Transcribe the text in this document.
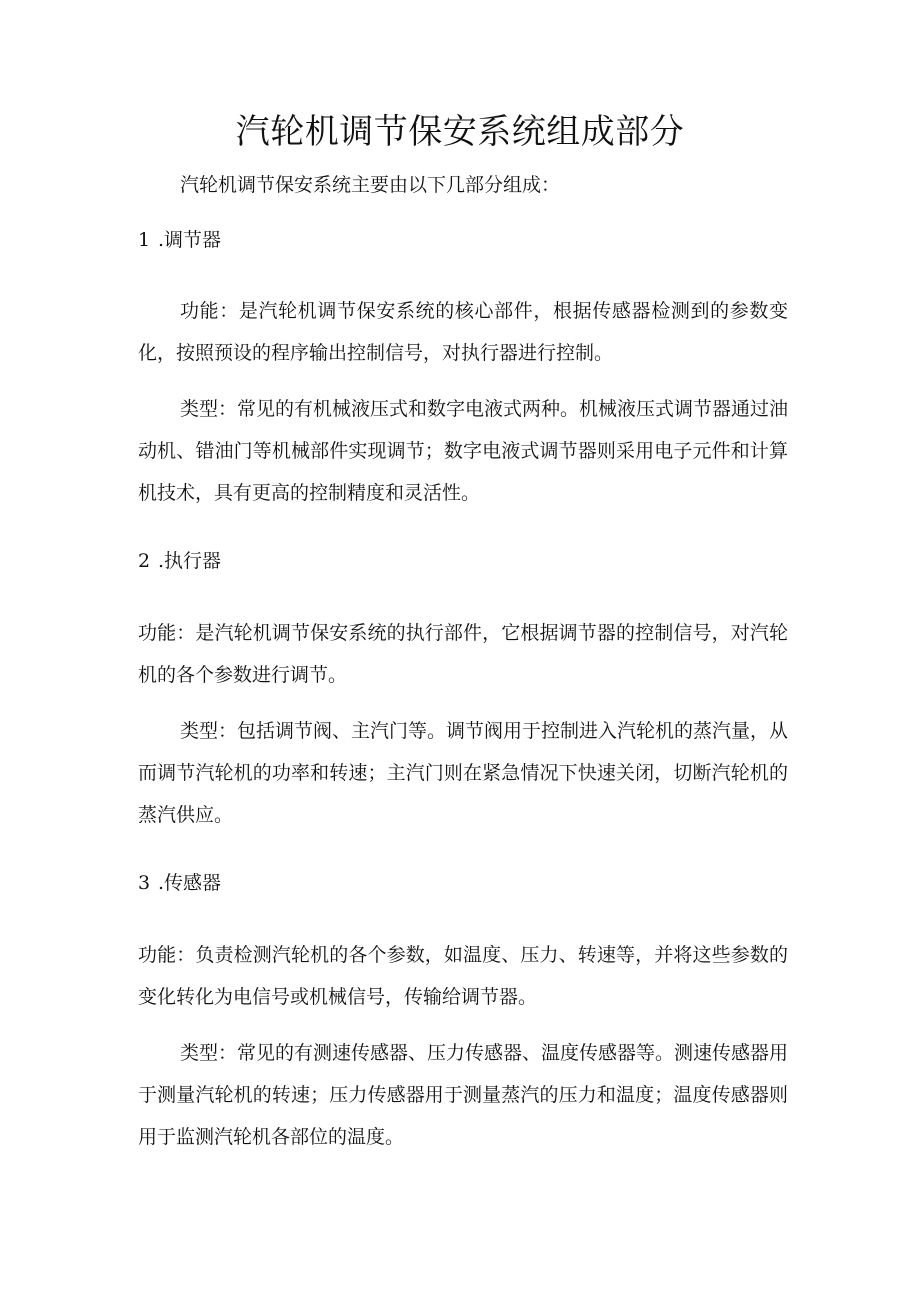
汽轮机调节保安系统组成部分

汽轮机调节保安系统主要由以下几部分组成：

1 .调节器

功能：是汽轮机调节保安系统的核心部件，根据传感器检测到的参数变化，按照预设的程序输出控制信号，对执行器进行控制。

类型：常见的有机械液压式和数字电液式两种。机械液压式调节器通过油动机、错油门等机械部件实现调节；数字电液式调节器则采用电子元件和计算机技术，具有更高的控制精度和灵活性。

2 .执行器

功能：是汽轮机调节保安系统的执行部件，它根据调节器的控制信号，对汽轮机的各个参数进行调节。

类型：包括调节阀、主汽门等。调节阀用于控制进入汽轮机的蒸汽量，从而调节汽轮机的功率和转速；主汽门则在紧急情况下快速关闭，切断汽轮机的蒸汽供应。

3 .传感器

功能：负责检测汽轮机的各个参数，如温度、压力、转速等，并将这些参数的变化转化为电信号或机械信号，传输给调节器。

类型：常见的有测速传感器、压力传感器、温度传感器等。测速传感器用于测量汽轮机的转速；压力传感器用于测量蒸汽的压力和温度；温度传感器则用于监测汽轮机各部位的温度。
